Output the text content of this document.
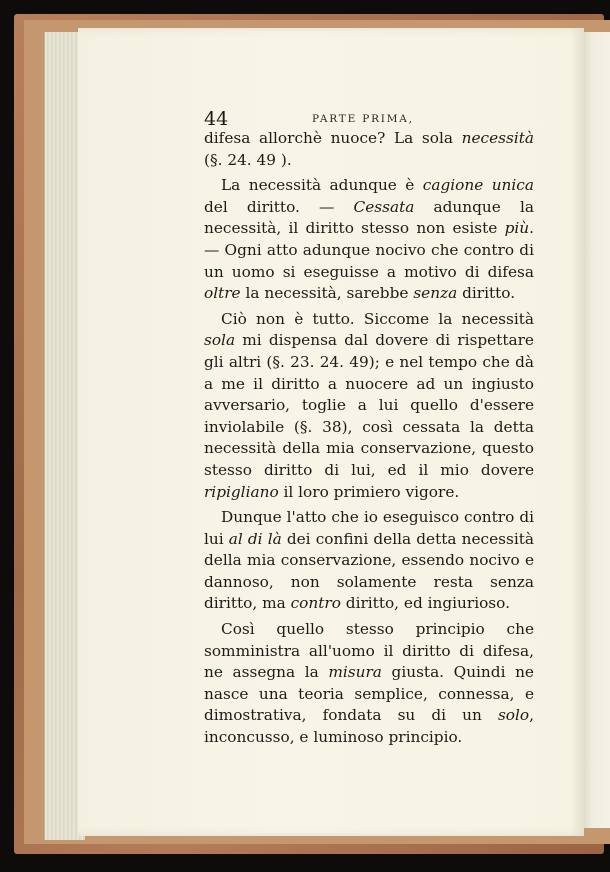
44	PARTE PRIMA,

difesa allorchè nuoce? La sola necessità (§. 24. 49 ).

La necessità adunque è cagione unica del diritto. — Cessata adunque la necessità, il diritto stesso non esiste più. — Ogni atto adunque nocivo che contro di un uomo si eseguisse a motivo di difesa oltre la necessità, sarebbe senza diritto.

Ciò non è tutto. Siccome la necessità sola mi dispensa dal dovere di rispettare gli altri (§. 23. 24. 49); e nel tempo che dà a me il diritto a nuocere ad un ingiusto avversario, toglie a lui quello d'essere inviolabile (§. 38), così cessata la detta necessità della mia conservazione, questo stesso diritto di lui, ed il mio dovere ripigliano il loro primiero vigore.

Dunque l'atto che io eseguisco contro di lui al di là dei confini della detta necessità della mia conservazione, essendo nocivo e dannoso, non solamente resta senza diritto, ma contro diritto, ed ingiurioso.

Così quello stesso principio che somministra all'uomo il diritto di difesa, ne assegna la misura giusta. Quindi ne nasce una teoria semplice, connessa, e dimostrativa, fondata su di un solo, inconcusso, e luminoso principio.
